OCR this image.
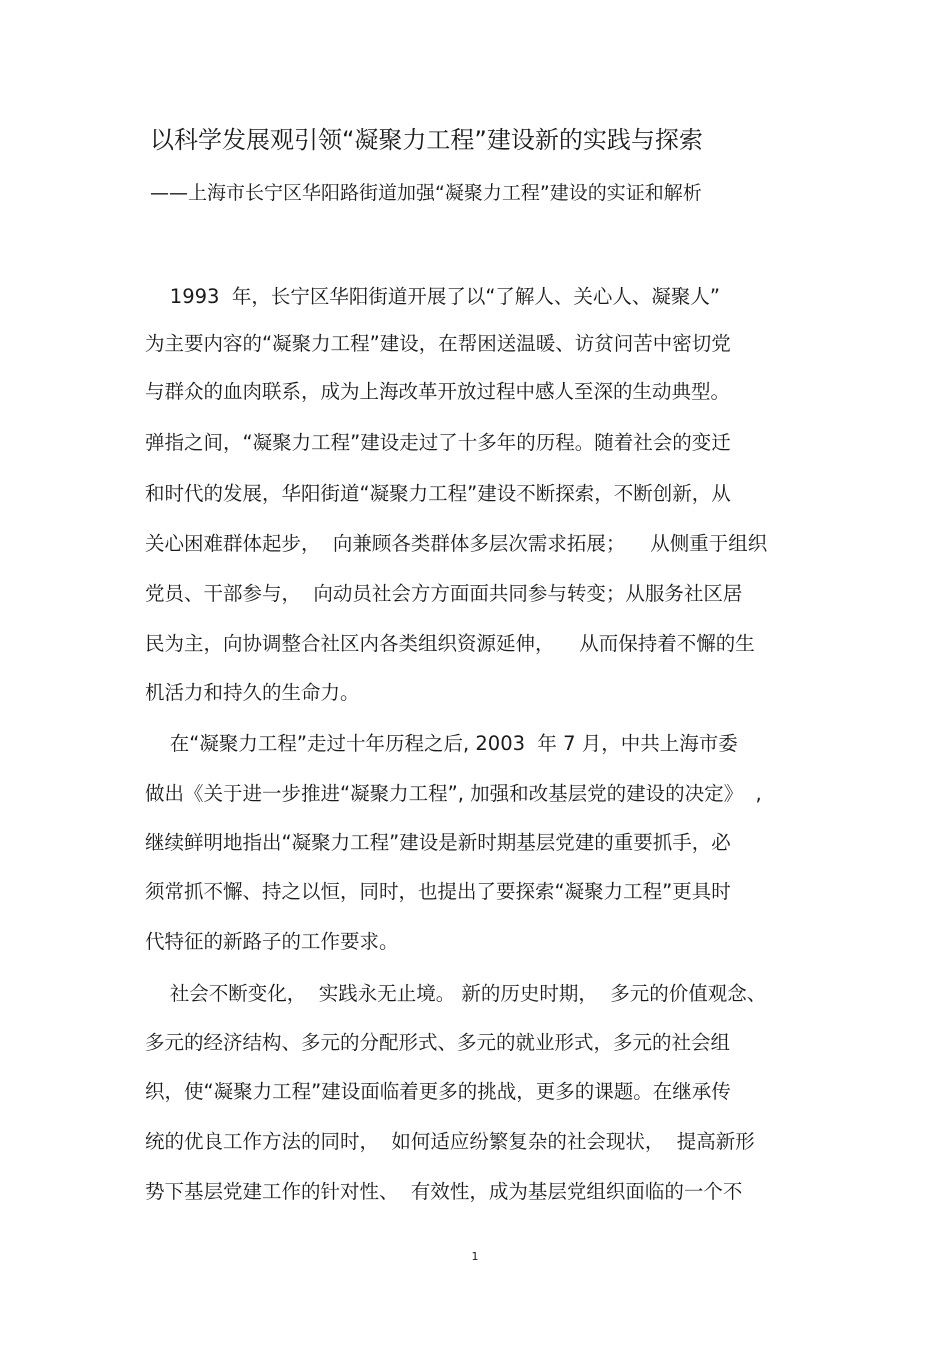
以科学发展观引领“凝聚力工程”建设新的实践与探索
——上海市长宁区华阳路街道加强“凝聚力工程”建设的实证和解析
1993  年，长宁区华阳街道开展了以“了解人、关心人、凝聚人”
为主要内容的“凝聚力工程”建设，在帮困送温暖、访贫问苦中密切党
与群众的血肉联系，成为上海改革开放过程中感人至深的生动典型。
弹指之间，“凝聚力工程”建设走过了十多年的历程。随着社会的变迁
和时代的发展，华阳街道“凝聚力工程”建设不断探索，不断创新，从
关心困难群体起步，  向兼顾各类群体多层次需求拓展；    从侧重于组织
党员、干部参与，  向动员社会方方面面共同参与转变；从服务社区居
民为主，向协调整合社区内各类组织资源延伸，    从而保持着不懈的生
机活力和持久的生命力。
在“凝聚力工程”走过十年历程之后, 2003  年 7 月，中共上海市委
做出《关于进一步推进“凝聚力工程”, 加强和改基层党的建设的决定》  ,
继续鲜明地指出“凝聚力工程”建设是新时期基层党建的重要抓手，必
须常抓不懈、持之以恒，同时，也提出了要探索“凝聚力工程”更具时
代特征的新路子的工作要求。
社会不断变化，  实践永无止境。 新的历史时期，  多元的价值观念、
多元的经济结构、多元的分配形式、多元的就业形式，多元的社会组
织，使“凝聚力工程”建设面临着更多的挑战，更多的课题。在继承传
统的优良工作方法的同时，  如何适应纷繁复杂的社会现状，  提高新形
势下基层党建工作的针对性、  有效性，成为基层党组织面临的一个不
1
